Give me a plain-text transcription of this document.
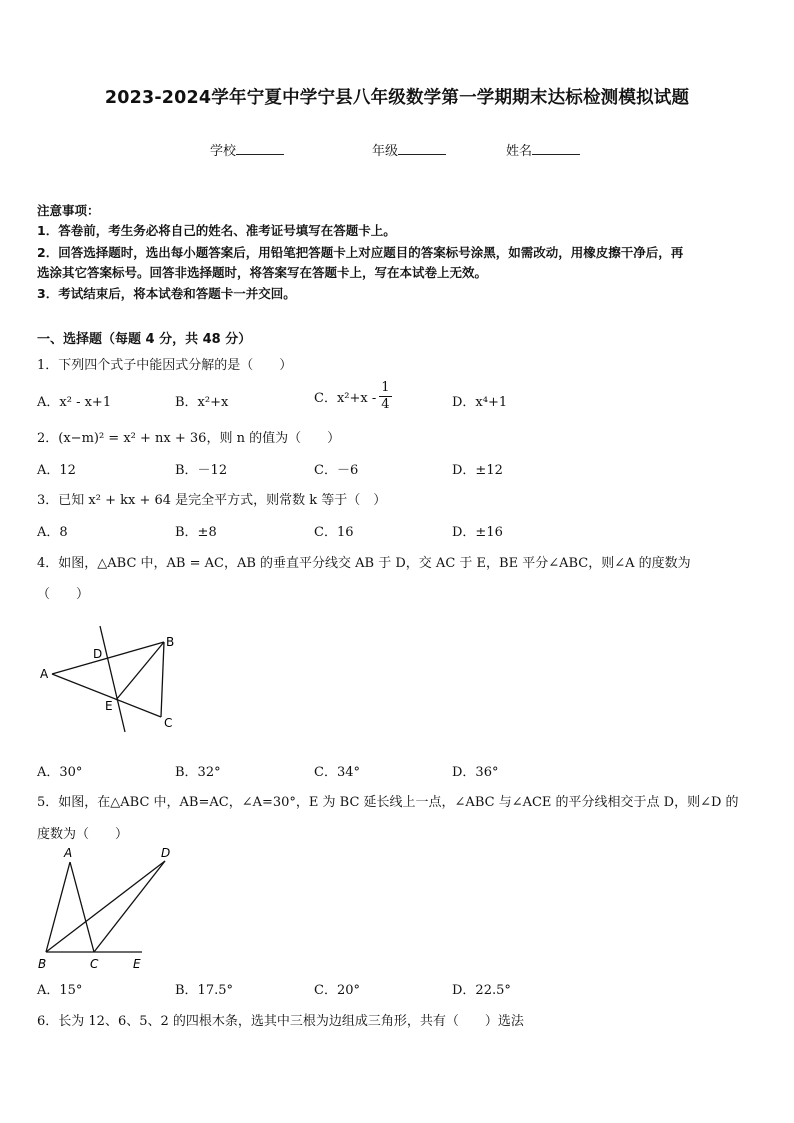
2023-2024学年宁夏中学宁县八年级数学第一学期期末达标检测模拟试题
学校	年级	姓名
注意事项：
1．答卷前，考生务必将自己的姓名、准考证号填写在答题卡上。
2．回答选择题时，选出每小题答案后，用铅笔把答题卡上对应题目的答案标号涂黑，如需改动，用橡皮擦干净后，再
选涂其它答案标号。回答非选择题时，将答案写在答题卡上，写在本试卷上无效。
3．考试结束后，将本试卷和答题卡一并交回。
一、选择题（每题 4 分，共 48 分）
1．下列四个式子中能因式分解的是（　　）
A．x² - x+1	B．x²+x	C．$x^2+x - \frac{1}{4}$	D．x⁴+1
2．(x−m)² = x² + nx + 36，则 n 的值为（　　）
A．12	B．－12	C．－6	D．±12
3．已知 x² + kx + 64 是完全平方式，则常数 k 等于（　）
A．8	B．±8	C．16	D．±16
4．如图，△ABC 中，AB = AC，AB 的垂直平分线交 AB 于 D，交 AC 于 E，BE 平分∠ABC，则∠A 的度数为
（　　）
A
B
C
D
E
A．30°	B．32°	C．34°	D．36°
5．如图，在△ABC 中，AB=AC，∠A=30°，E 为 BC 延长线上一点，∠ABC 与∠ACE 的平分线相交于点 D，则∠D 的
度数为（　　）
A	D
B	C	E
A．15°	B．17.5°	C．20°	D．22.5°
6．长为 12、6、5、2 的四根木条，选其中三根为边组成三角形，共有（　　）选法
